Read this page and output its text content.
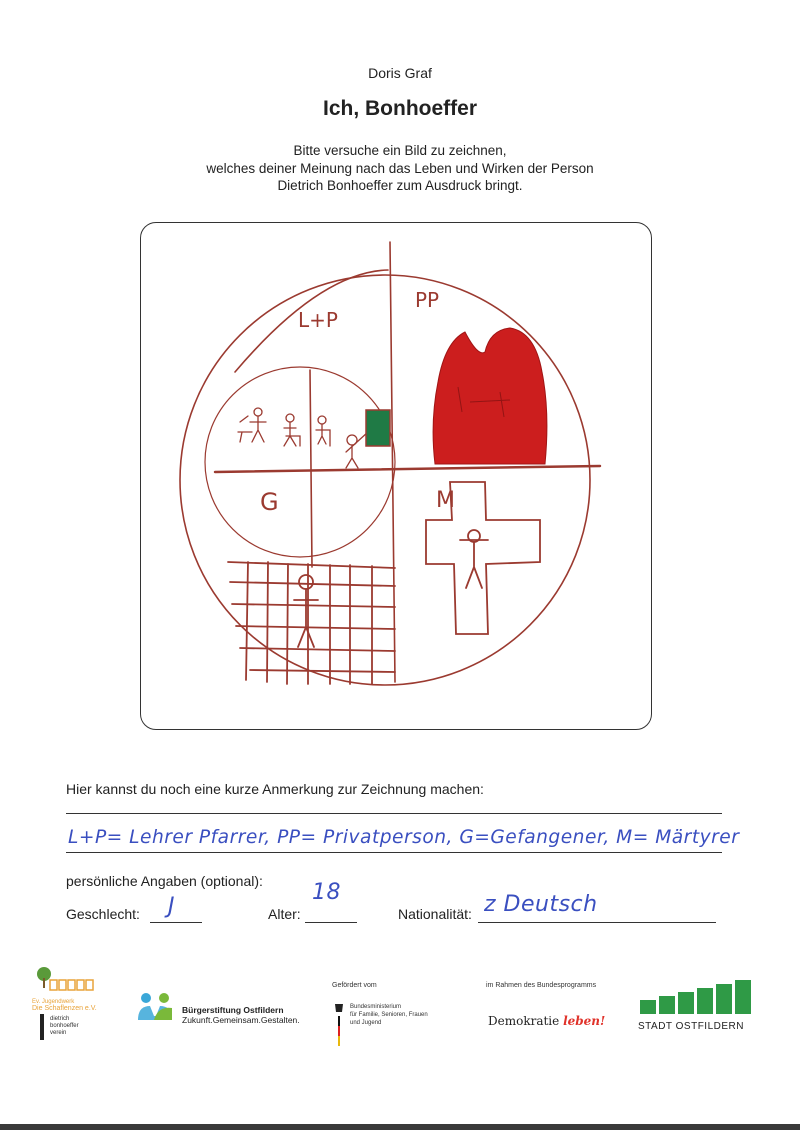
Doris Graf
Ich, Bonhoeffer
Bitte versuche ein Bild zu zeichnen,
welches deiner Meinung nach das Leben und Wirken der Person
Dietrich Bonhoeffer zum Ausdruck bringt.
L+P
PP
G	M
Hier kannst du noch eine kurze Anmerkung zur Zeichnung machen:
L+P= Lehrer Pfarrer, PP= Privatperson, G=Gefangener, M= Märtyrer
persönliche Angaben (optional):
Geschlecht: J	Alter:
18
Nationalität: z Deutsch
Ev. Jugendwerk
Die Schaflenzen e.V.
dietrich
bonhoeffer
verein
Bürgerstiftung Ostfildern
Zukunft.Gemeinsam.Gestalten.
Gefördert vom
Bundesministerium
für Familie, Senioren, Frauen
und Jugend
im Rahmen des Bundesprogramms
Demokratie leben!	STADT OSTFILDERN
